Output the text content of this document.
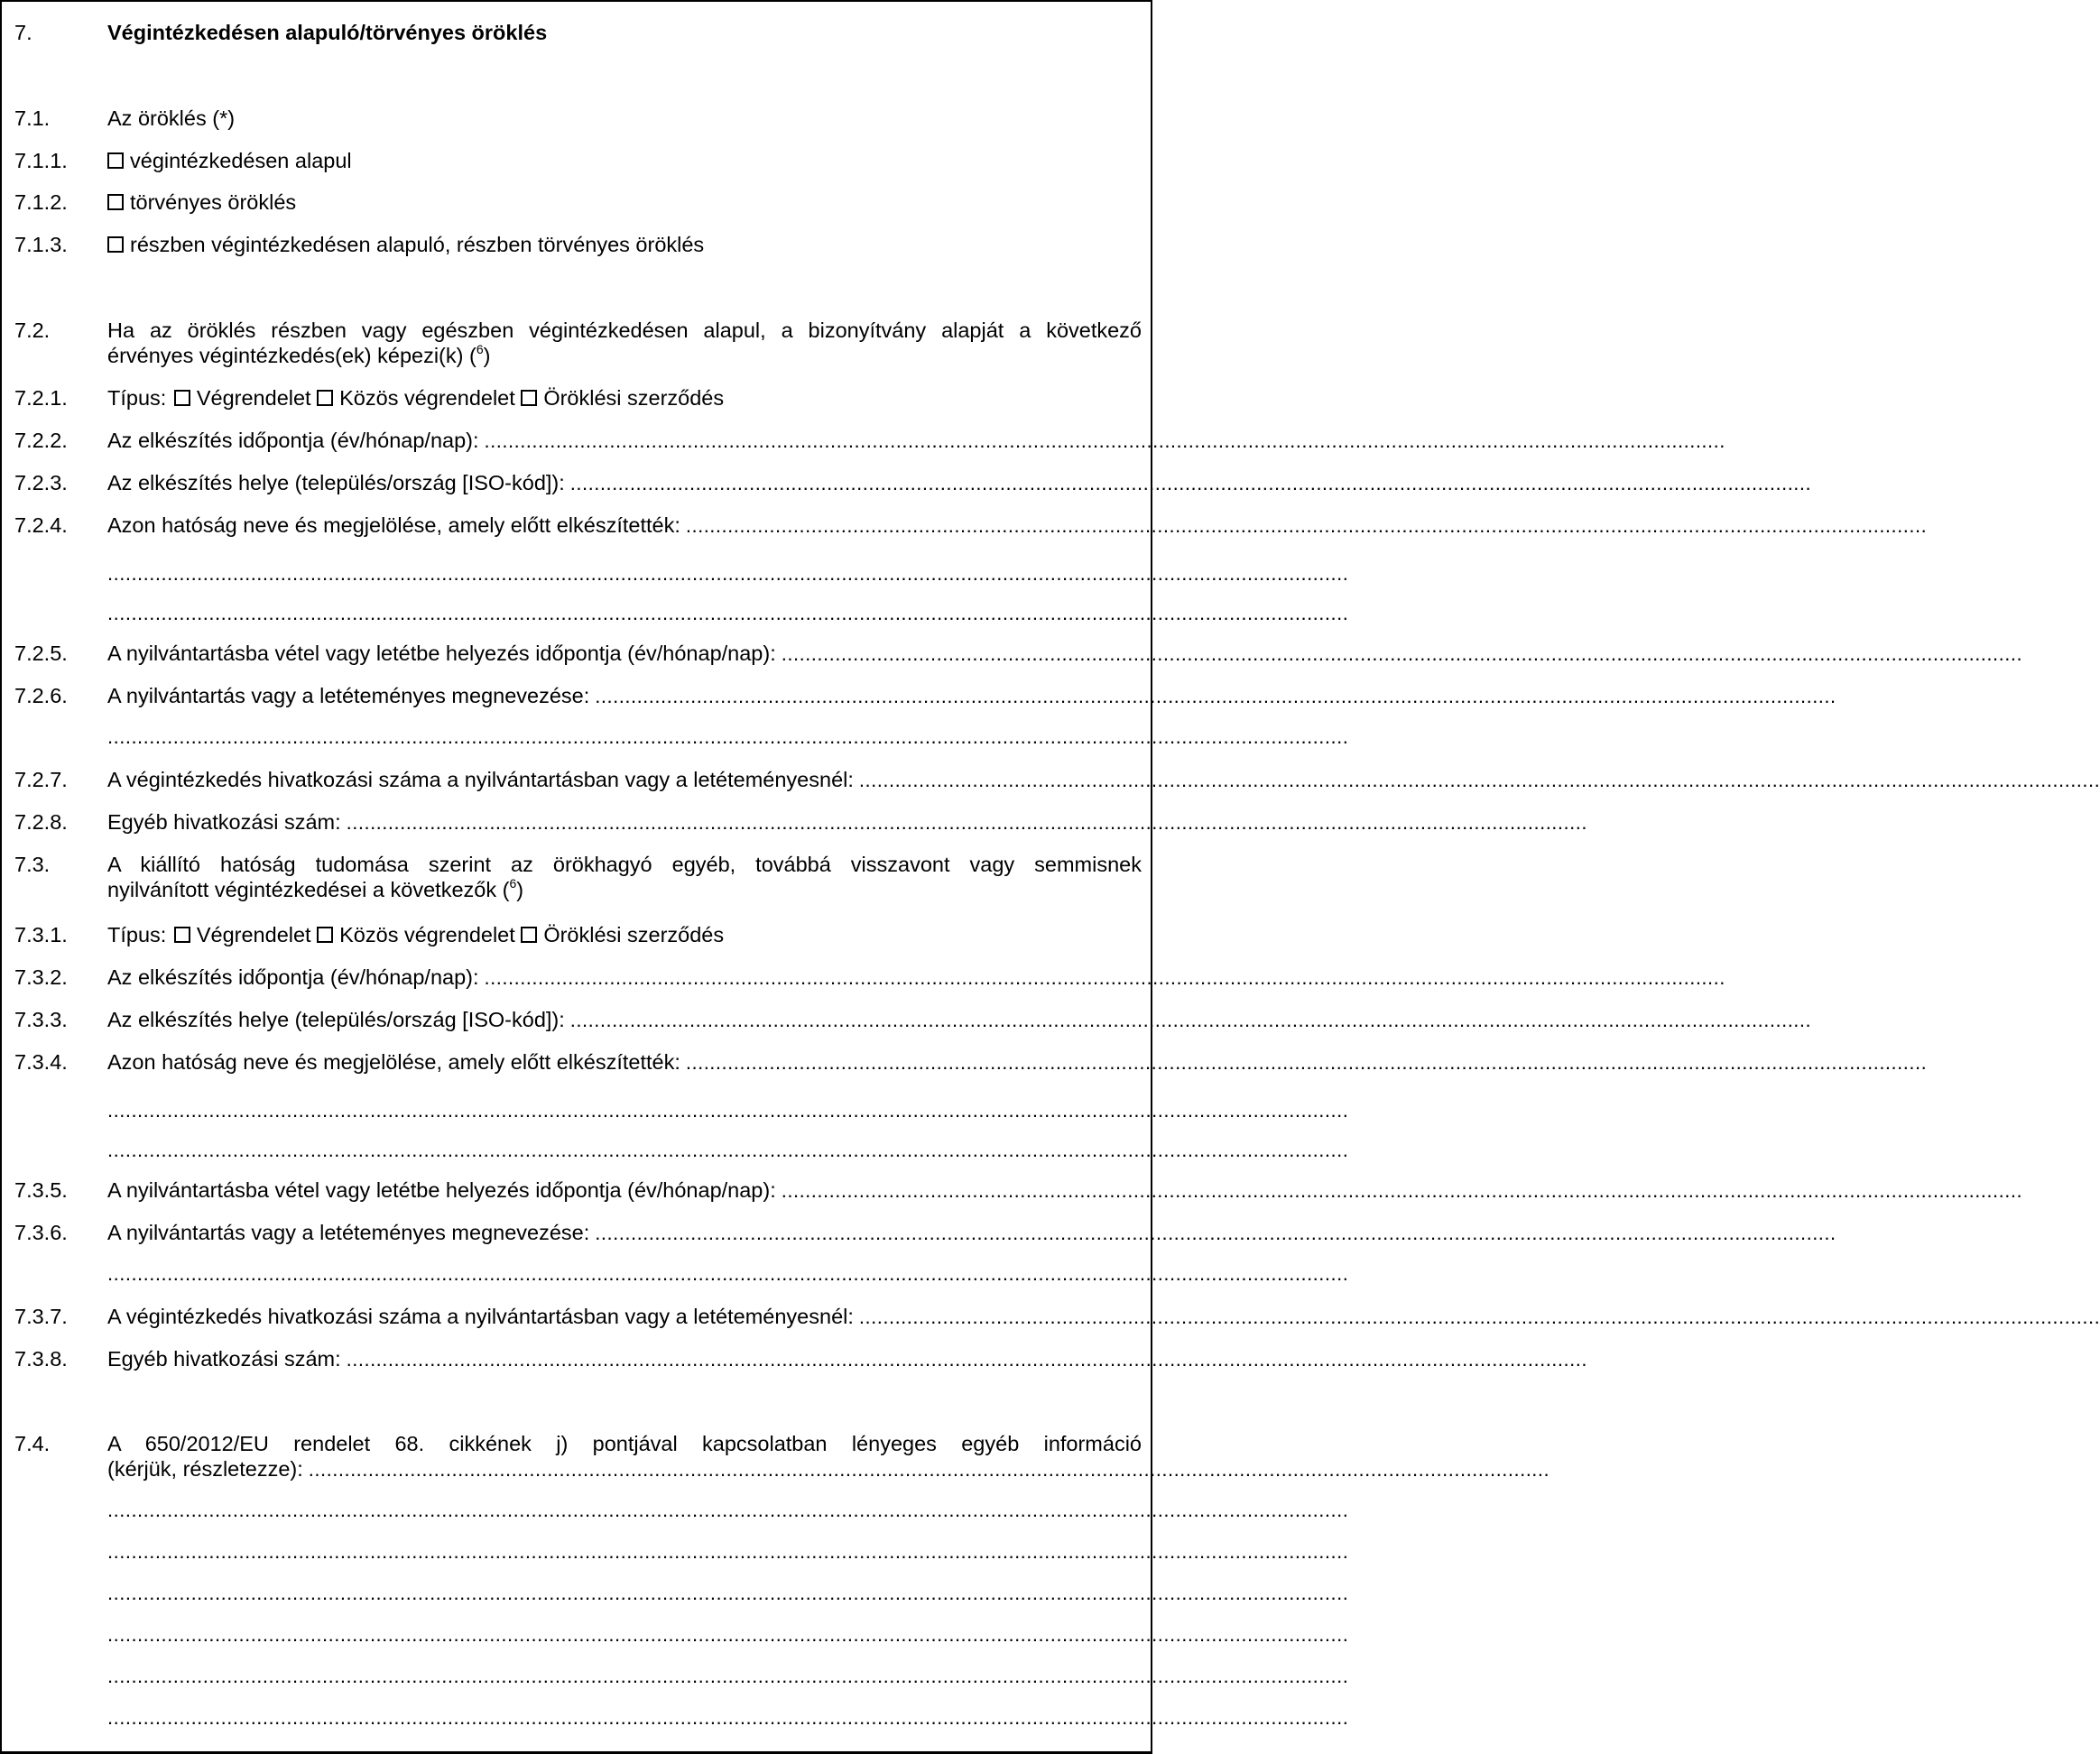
7.	Végintézkedésen alapuló/törvényes öröklés
7.1.	Az öröklés (*)
7.1.1.	végintézkedésen alapul
7.1.2.	törvényes öröklés
7.1.3.	részben végintézkedésen alapuló, részben törvényes öröklés
7.2.	Ha az öröklés részben vagy egészben végintézkedésen alapul, a bizonyítvány alapját a következő
érvényes végintézkedés(ek) képezi(k) ($^6$)
7.2.1. Típus: Végrendelet Közös végrendelet Öröklési szerződés
7.2.2. Az elkészítés időpontja (év/hónap/nap): ................................................................................................................................................................................................................
7.2.3. Az elkészítés helye (település/ország [ISO-kód]): ................................................................................................................................................................................................................
7.2.4. Azon hatóság neve és megjelölése, amely előtt elkészítették: ................................................................................................................................................................................................................
................................................................................................................................................................................................................
................................................................................................................................................................................................................
7.2.5. A nyilvántartásba vétel vagy letétbe helyezés időpontja (év/hónap/nap): ................................................................................................................................................................................................................
7.2.6. A nyilvántartás vagy a letéteményes megnevezése: ................................................................................................................................................................................................................
................................................................................................................................................................................................................
7.2.7. A végintézkedés hivatkozási száma a nyilvántartásban vagy a letéteményesnél: ................................................................................................................................................................................................................
7.2.8. Egyéb hivatkozási szám: ................................................................................................................................................................................................................
7.3.	A kiállító hatóság tudomása szerint az örökhagyó egyéb, továbbá visszavont vagy semmisnek
nyilvánított végintézkedései a következők ($^6$)
7.3.1. Típus: Végrendelet Közös végrendelet Öröklési szerződés
7.3.2. Az elkészítés időpontja (év/hónap/nap): ................................................................................................................................................................................................................
7.3.3. Az elkészítés helye (település/ország [ISO-kód]): ................................................................................................................................................................................................................
7.3.4. Azon hatóság neve és megjelölése, amely előtt elkészítették: ................................................................................................................................................................................................................
................................................................................................................................................................................................................
................................................................................................................................................................................................................
7.3.5. A nyilvántartásba vétel vagy letétbe helyezés időpontja (év/hónap/nap): ................................................................................................................................................................................................................
7.3.6. A nyilvántartás vagy a letéteményes megnevezése: ................................................................................................................................................................................................................
................................................................................................................................................................................................................
7.3.7. A végintézkedés hivatkozási száma a nyilvántartásban vagy a letéteményesnél: ................................................................................................................................................................................................................
7.3.8. Egyéb hivatkozási szám: ................................................................................................................................................................................................................
7.4.	A 650/2012/EU rendelet 68. cikkének j) pontjával kapcsolatban lényeges egyéb információ
(kérjük, részletezze): ................................................................................................................................................................................................................
................................................................................................................................................................................................................
................................................................................................................................................................................................................
................................................................................................................................................................................................................
................................................................................................................................................................................................................
................................................................................................................................................................................................................
................................................................................................................................................................................................................
